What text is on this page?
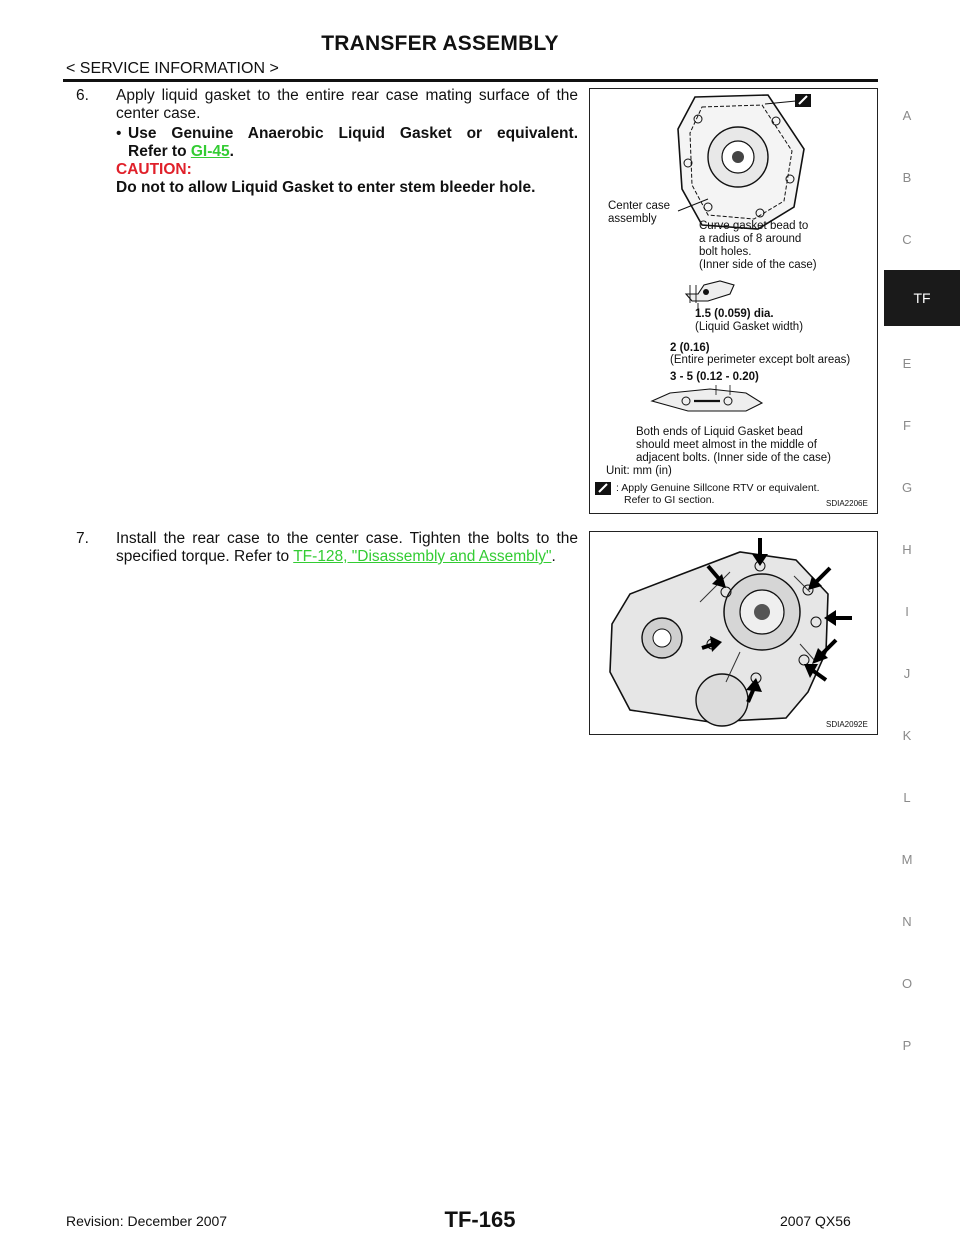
TRANSFER ASSEMBLY
< SERVICE INFORMATION >
A
B
C
TF
E
F
G
H
I
J
K
L
M
N
O
P
6. Apply liquid gasket to the entire rear case mating surface of the
center case.
• Use Genuine Anaerobic Liquid Gasket or equivalent.
Refer to GI-45.
CAUTION:
Do not to allow Liquid Gasket to enter stem bleeder hole.
7. Install the rear case to the center case. Tighten the bolts to the
specified torque. Refer to TF-128, "Disassembly and Assembly".
Center case
assembly
Curve gasket bead to
a radius of 8 around
bolt holes.
(Inner side of the case)
1.5 (0.059) dia.
(Liquid Gasket width)
2 (0.16)
(Entire perimeter except bolt areas)
3 - 5 (0.12 - 0.20)
Both ends of Liquid Gasket bead
should meet almost in the middle of
adjacent bolts. (Inner side of the case)
Unit: mm (in)
: Apply Genuine Sillcone RTV or equivalent.
Refer to GI section.	SDIA2206E
SDIA2092E
Revision: December 2007	TF-165	2007 QX56
